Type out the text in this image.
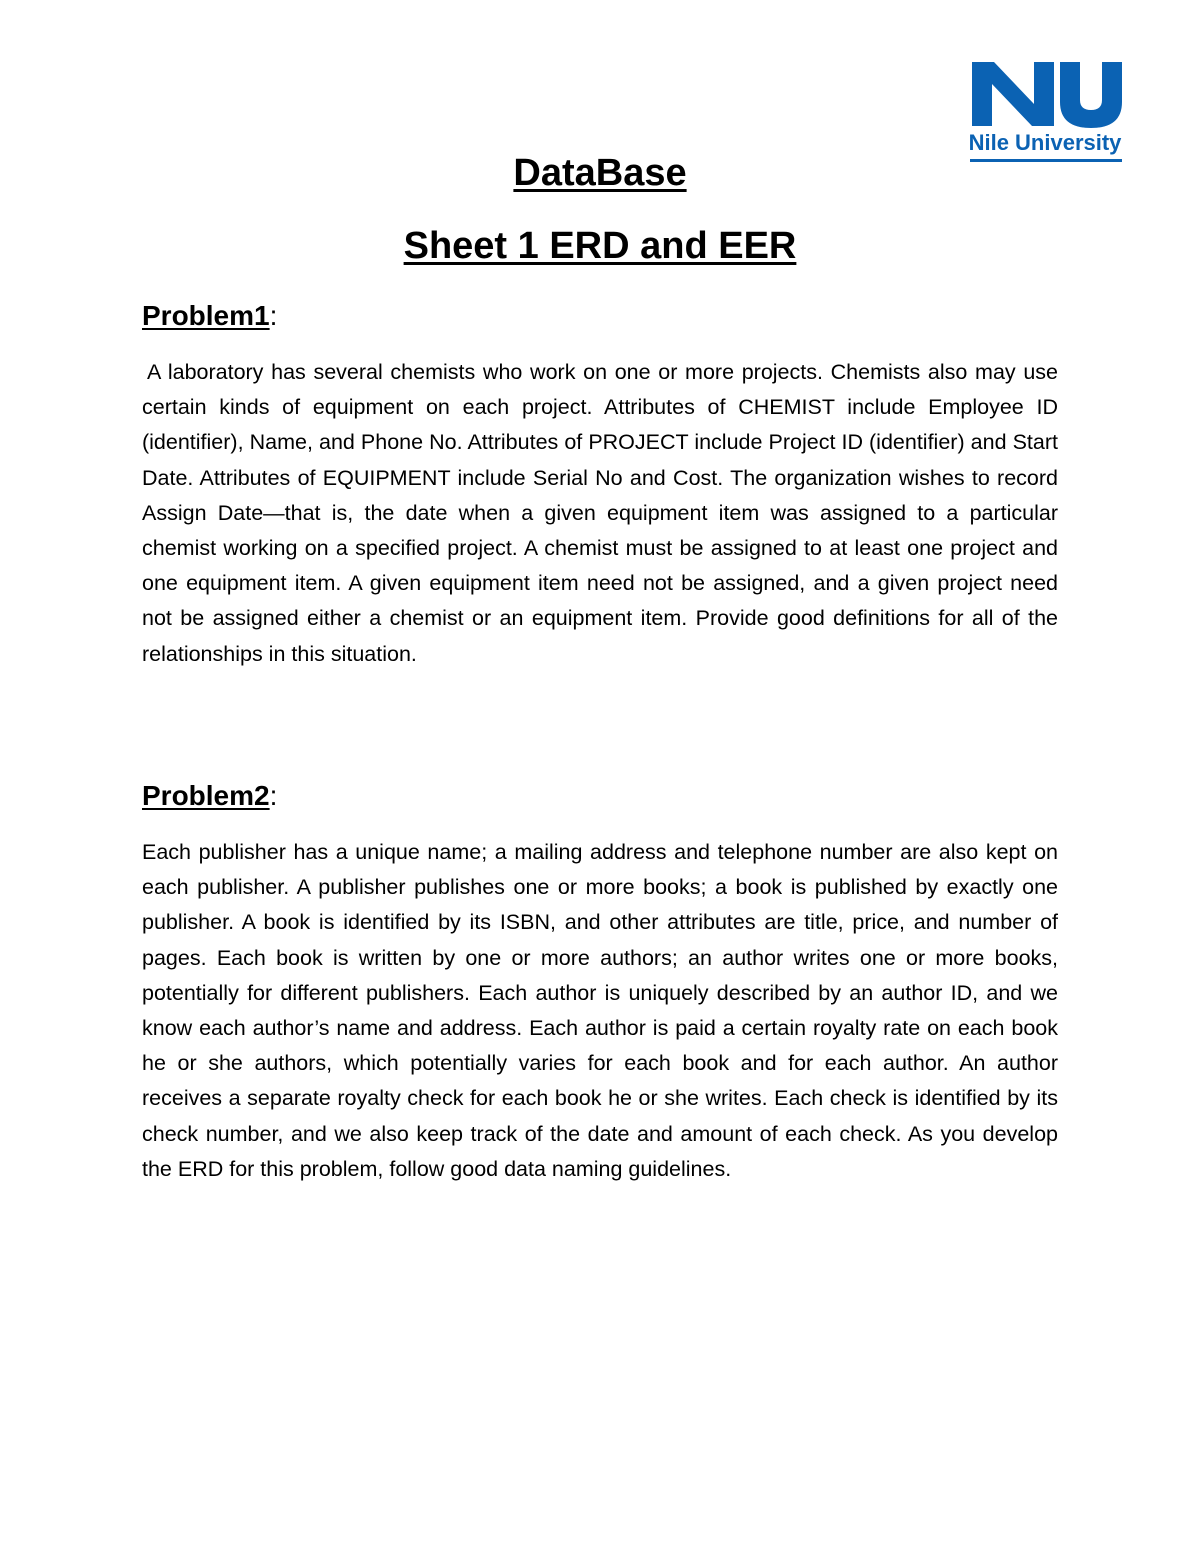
Nile University
DataBase
Sheet 1 ERD and EER
Problem1:

A laboratory has several chemists who work on one or more projects. Chemists also may use certain kinds of equipment on each project. Attributes of CHEMIST include Employee ID (identifier), Name, and Phone No. Attributes of PROJECT include Project ID (identifier) and Start Date. Attributes of EQUIPMENT include Serial No and Cost. The organization wishes to record Assign Date—that is, the date when a given equipment item was assigned to a particular chemist working on a specified project. A chemist must be assigned to at least one project and one equipment item. A given equipment item need not be assigned, and a given project need not be assigned either a chemist or an equipment item. Provide good definitions for all of the relationships in this situation.

Problem2:

Each publisher has a unique name; a mailing address and telephone number are also kept on each publisher. A publisher publishes one or more books; a book is published by exactly one publisher. A book is identified by its ISBN, and other attributes are title, price, and number of pages. Each book is written by one or more authors; an author writes one or more books, potentially for different publishers. Each author is uniquely described by an author ID, and we know each author’s name and address. Each author is paid a certain royalty rate on each book he or she authors, which potentially varies for each book and for each author. An author receives a separate royalty check for each book he or she writes. Each check is identified by its check number, and we also keep track of the date and amount of each check. As you develop the ERD for this problem, follow good data naming guidelines.
